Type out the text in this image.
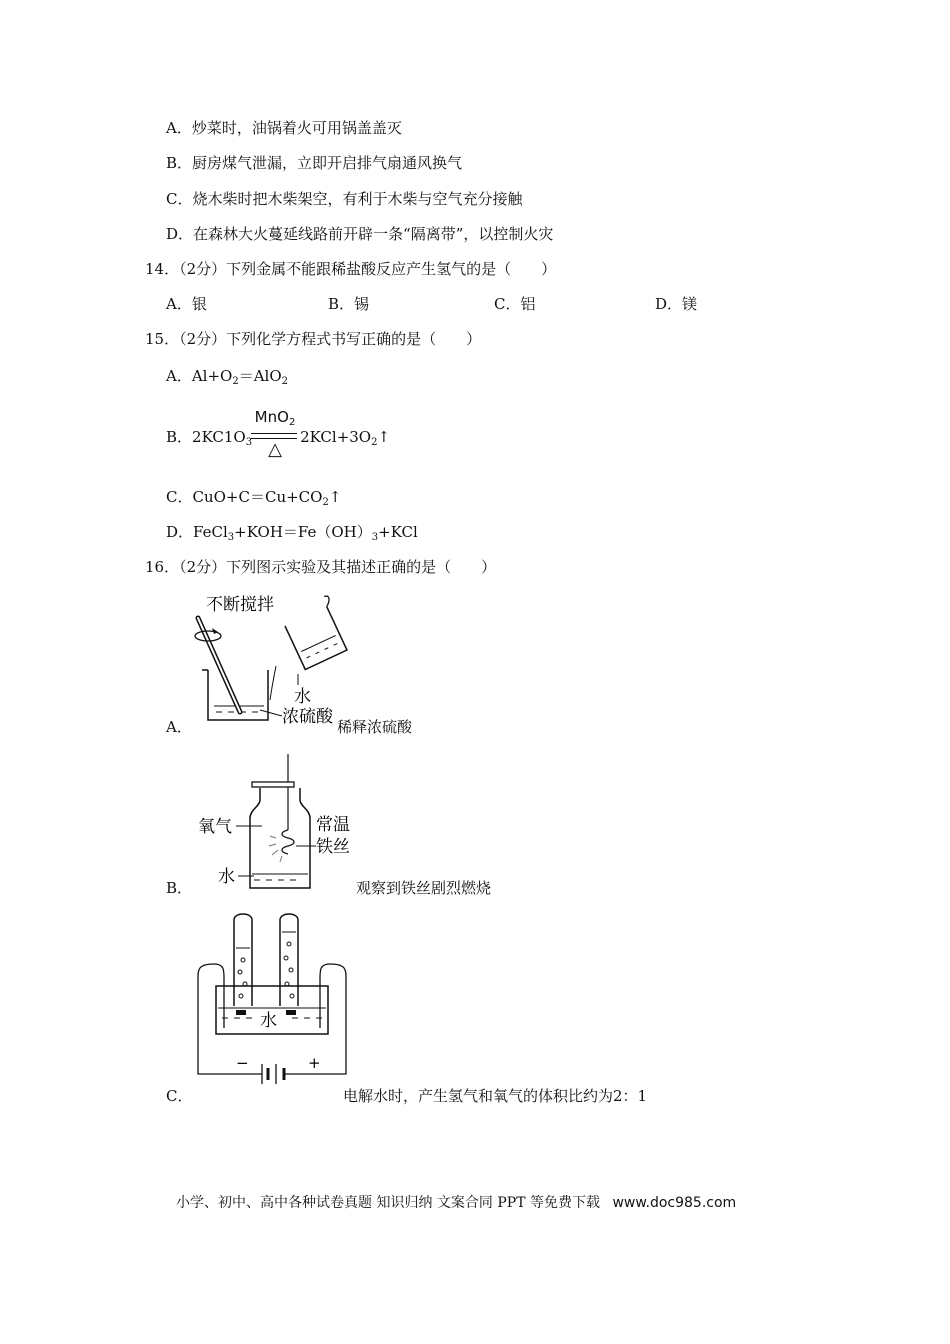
A．炒菜时，油锅着火可用锅盖盖灭
B．厨房煤气泄漏，立即开启排气扇通风换气
C．烧木柴时把木柴架空，有利于木柴与空气充分接触
D．在森林大火蔓延线路前开辟一条“隔离带”，以控制火灾
14．（2分）下列金属不能跟稀盐酸反应产生氢气的是（　　）
A．银	B．锡	C．铝	D．镁
15．（2分）下列化学方程式书写正确的是（　　）
A．$Al+O_2=AlO_2$
B．$2KC1O_3$	$2KCl+3O_2↑$
MnO$_2$
△
C．$CuO+C=Cu+CO_2↑$
D．$FeCl_3+KOH=Fe(OH)_3+KCl$
16．（2分）下列图示实验及其描述正确的是（　　）
A．
不断搅拌
水
浓硫酸 稀释浓硫酸
B．
氧气	常温
铁丝
水
观察到铁丝剧烈燃烧
C．
水
−	+
电解水时，产生氢气和氧气的体积比约为2：1
小学、初中、高中各种试卷真题 知识归纳 文案合同 PPT 等免费下载 www.doc985.com
